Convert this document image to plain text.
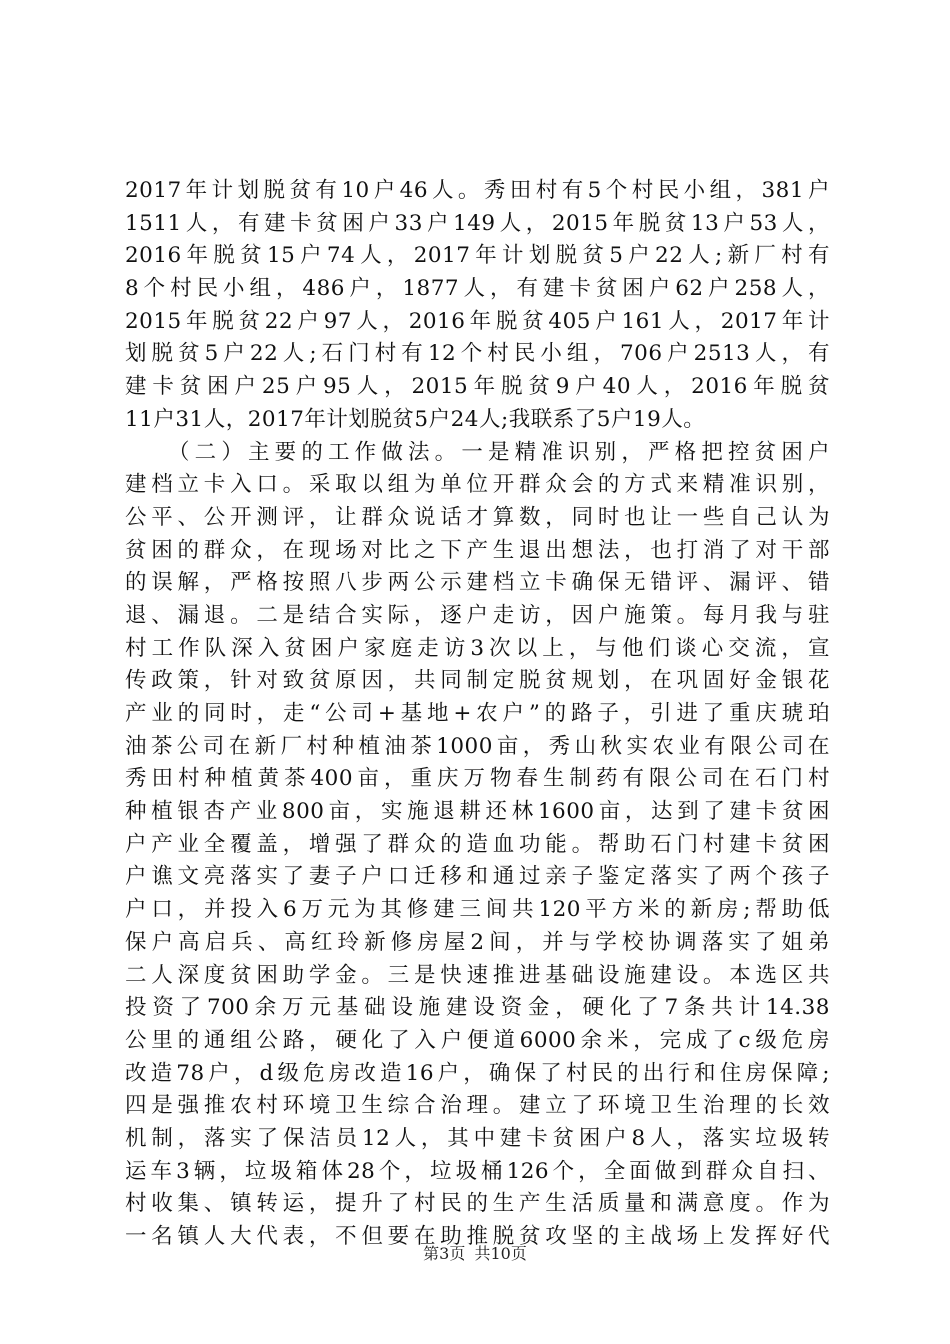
2017年计划脱贫有10户46人。秀田村有5个村民小组，381户
1511人，有建卡贫困户33户149人，2015年脱贫13户53人，
2016年脱贫15户74人，2017年计划脱贫5户22人;新厂村有
8个村民小组，486户，1877人，有建卡贫困户62户258人，
2015年脱贫22户97人，2016年脱贫405户161人，2017年计
划脱贫5户22人;石门村有12个村民小组，706户2513人，有
建卡贫困户25户95人，2015年脱贫9户40人，2016年脱贫
11户31人，2017年计划脱贫5户24人;我联系了5户19人。
（二）主要的工作做法。一是精准识别，严格把控贫困户
建档立卡入口。采取以组为单位开群众会的方式来精准识别，
公平、公开测评，让群众说话才算数，同时也让一些自己认为
贫困的群众，在现场对比之下产生退出想法，也打消了对干部
的误解，严格按照八步两公示建档立卡确保无错评、漏评、错
退、漏退。二是结合实际，逐户走访，因户施策。每月我与驻
村工作队深入贫困户家庭走访3次以上，与他们谈心交流，宣
传政策，针对致贫原因，共同制定脱贫规划，在巩固好金银花
产业的同时，走“公司+基地+农户”的路子，引进了重庆琥珀
油茶公司在新厂村种植油茶1000亩，秀山秋实农业有限公司在
秀田村种植黄茶400亩，重庆万物春生制药有限公司在石门村
种植银杏产业800亩，实施退耕还林1600亩，达到了建卡贫困
户产业全覆盖，增强了群众的造血功能。帮助石门村建卡贫困
户谯文亮落实了妻子户口迁移和通过亲子鉴定落实了两个孩子
户口，并投入6万元为其修建三间共120平方米的新房;帮助低
保户高启兵、高红玲新修房屋2间，并与学校协调落实了姐弟
二人深度贫困助学金。三是快速推进基础设施建设。本选区共
投资了700余万元基础设施建设资金，硬化了7条共计14.38
公里的通组公路，硬化了入户便道6000余米，完成了c级危房
改造78户，d级危房改造16户，确保了村民的出行和住房保障;
四是强推农村环境卫生综合治理。建立了环境卫生治理的长效
机制，落实了保洁员12人，其中建卡贫困户8人，落实垃圾转
运车3辆，垃圾箱体28个，垃圾桶126个，全面做到群众自扫、
村收集、镇转运，提升了村民的生产生活质量和满意度。作为
一名镇人大代表，不但要在助推脱贫攻坚的主战场上发挥好代
第3页 共10页
